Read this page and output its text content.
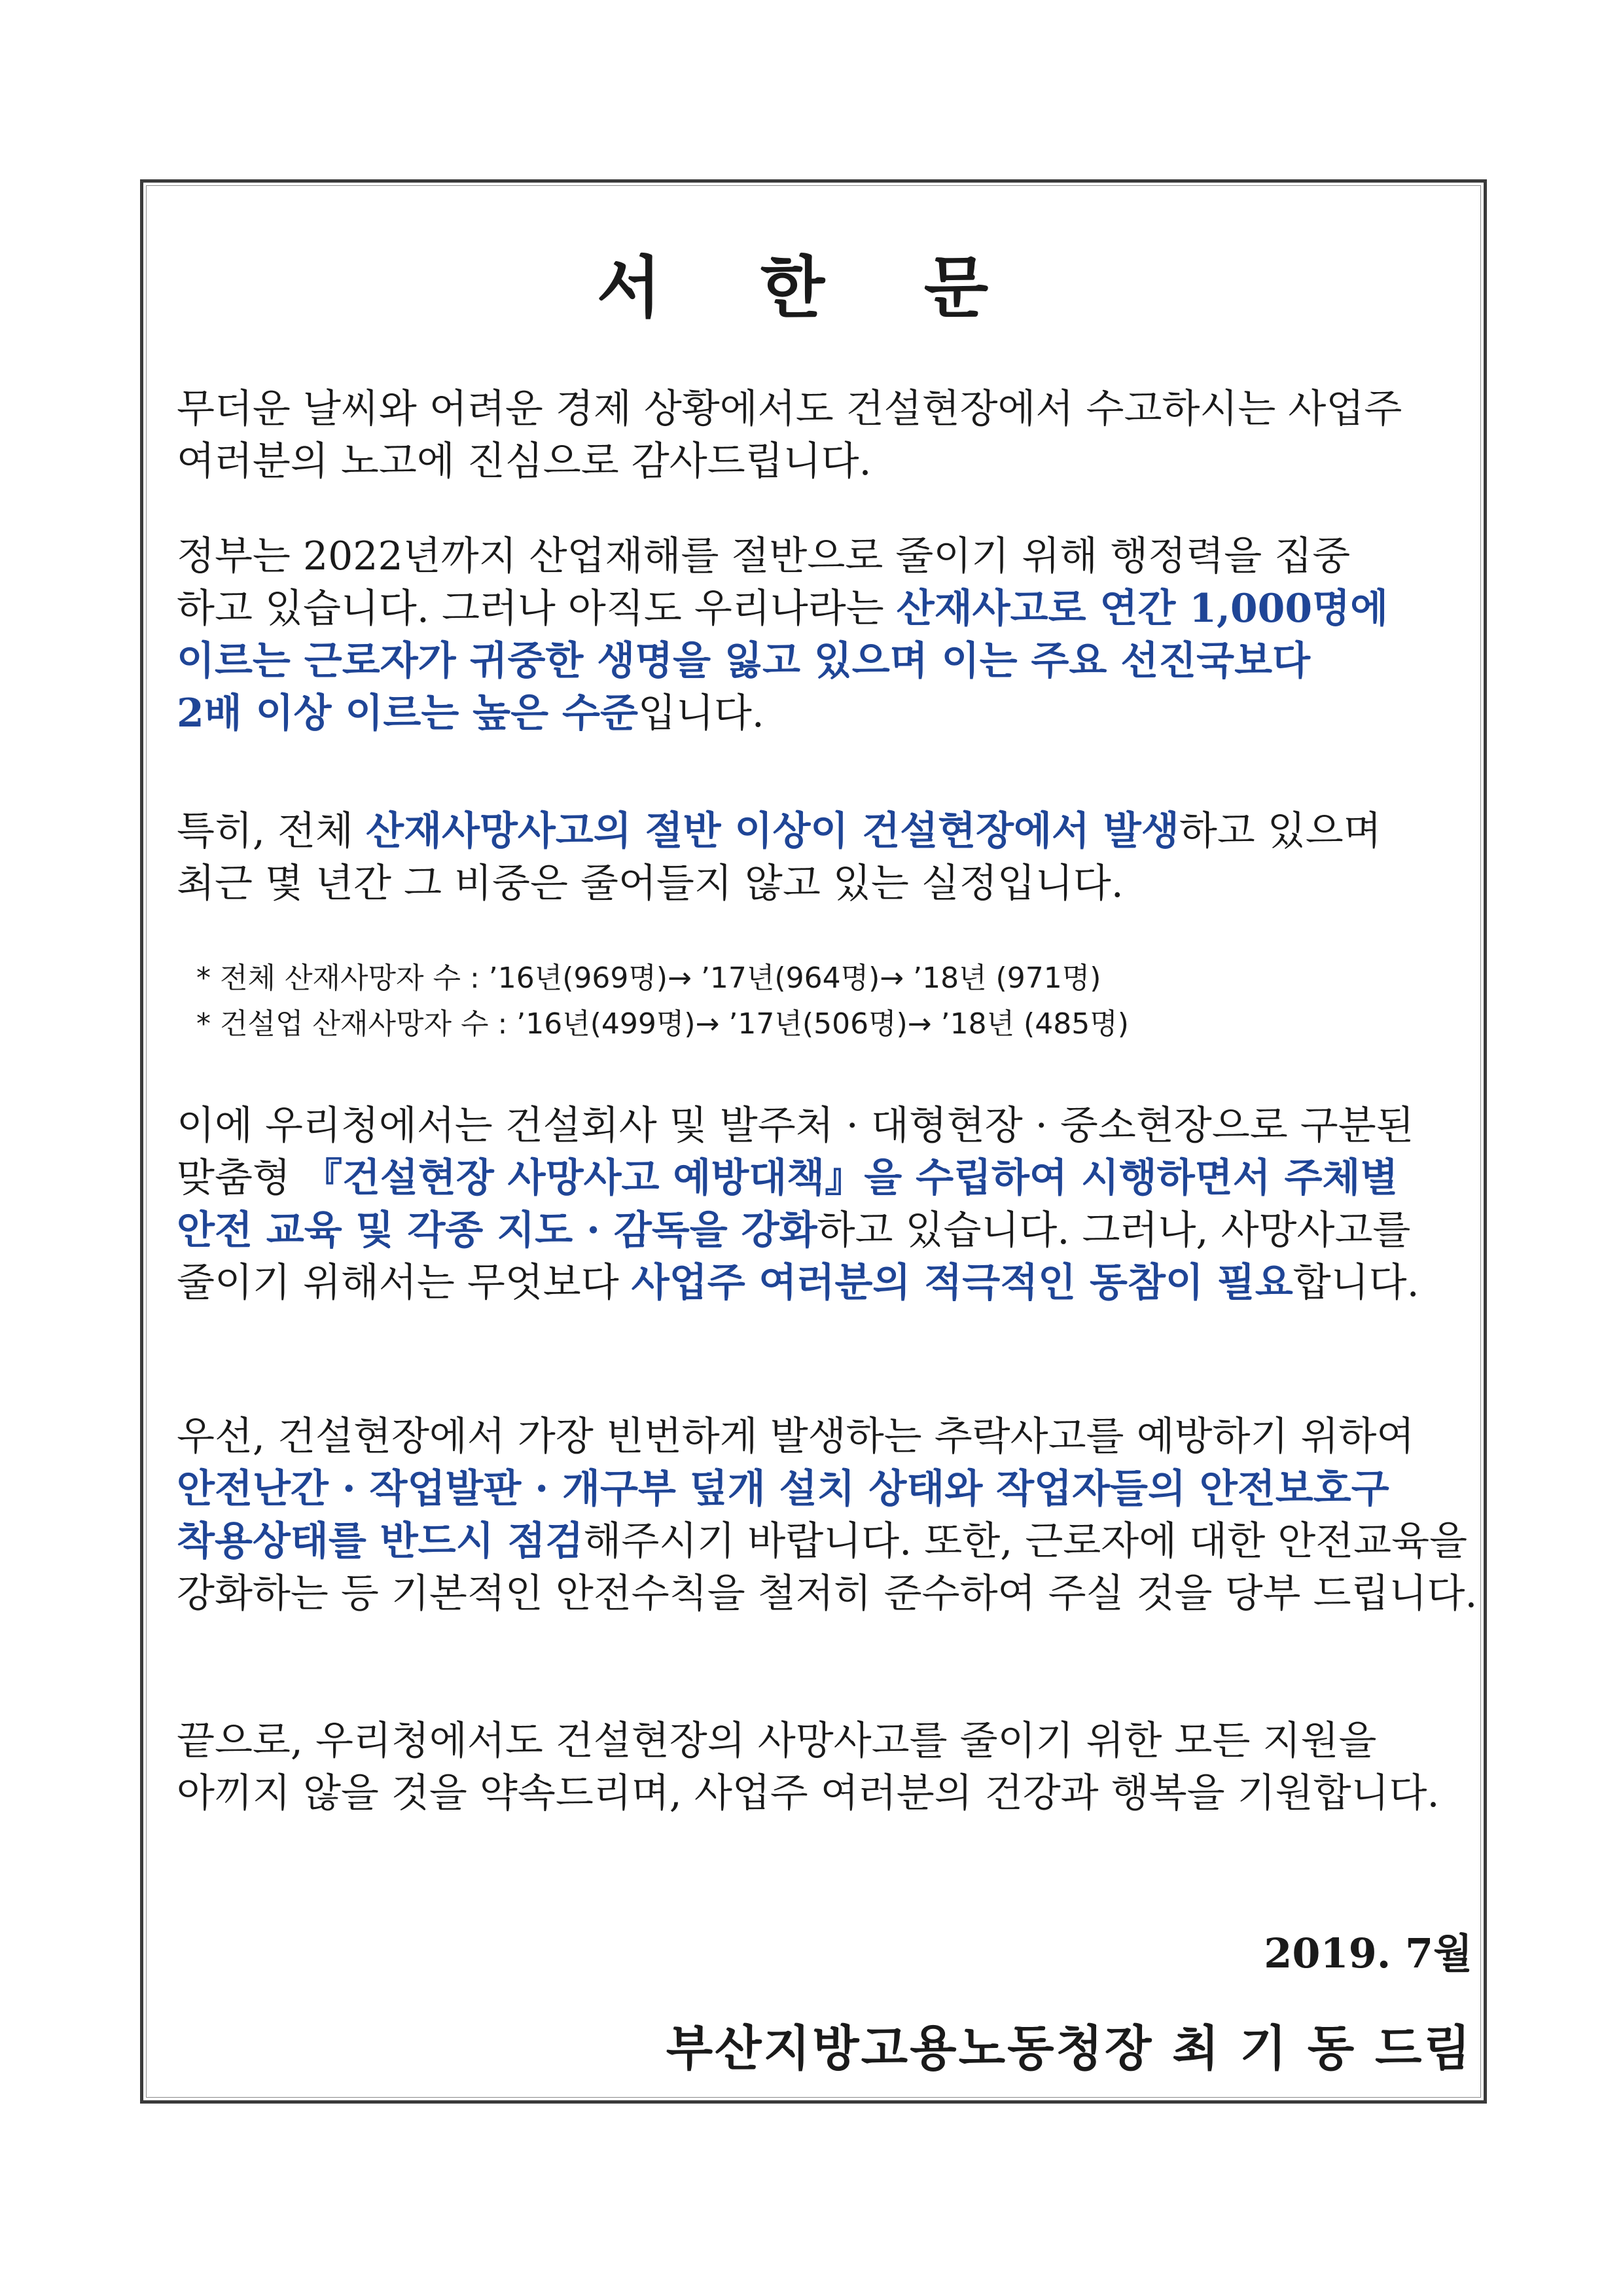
서 한 문
무더운 날씨와 어려운 경제 상황에서도 건설현장에서 수고하시는 사업주
여러분의 노고에 진심으로 감사드립니다.
정부는 2022년까지 산업재해를 절반으로 줄이기 위해 행정력을 집중
하고 있습니다. 그러나 아직도 우리나라는 산재사고로 연간 1,000명에
이르는 근로자가 귀중한 생명을 잃고 있으며 이는 주요 선진국보다
2배 이상 이르는 높은 수준입니다.
특히, 전체 산재사망사고의 절반 이상이 건설현장에서 발생하고 있으며
최근 몇 년간 그 비중은 줄어들지 않고 있는 실정입니다.
* 전체 산재사망자 수 : ’16년(969명)→ ’17년(964명)→ ’18년 (971명)
* 건설업 산재사망자 수 : ’16년(499명)→ ’17년(506명)→ ’18년 (485명)
이에 우리청에서는 건설회사 및 발주처 · 대형현장 · 중소현장으로 구분된
맞춤형 『건설현장 사망사고 예방대책』을 수립하여 시행하면서 주체별
안전 교육 및 각종 지도 · 감독을 강화하고 있습니다. 그러나, 사망사고를
줄이기 위해서는 무엇보다 사업주 여러분의 적극적인 동참이 필요합니다.
우선, 건설현장에서 가장 빈번하게 발생하는 추락사고를 예방하기 위하여
안전난간 · 작업발판 · 개구부 덮개 설치 상태와 작업자들의 안전보호구
착용상태를 반드시 점검해주시기 바랍니다. 또한, 근로자에 대한 안전교육을
강화하는 등 기본적인 안전수칙을 철저히 준수하여 주실 것을 당부 드립니다.
끝으로, 우리청에서도 건설현장의 사망사고를 줄이기 위한 모든 지원을
아끼지 않을 것을 약속드리며, 사업주 여러분의 건강과 행복을 기원합니다.
2019. 7월
부산지방고용노동청장 최 기 동 드림
